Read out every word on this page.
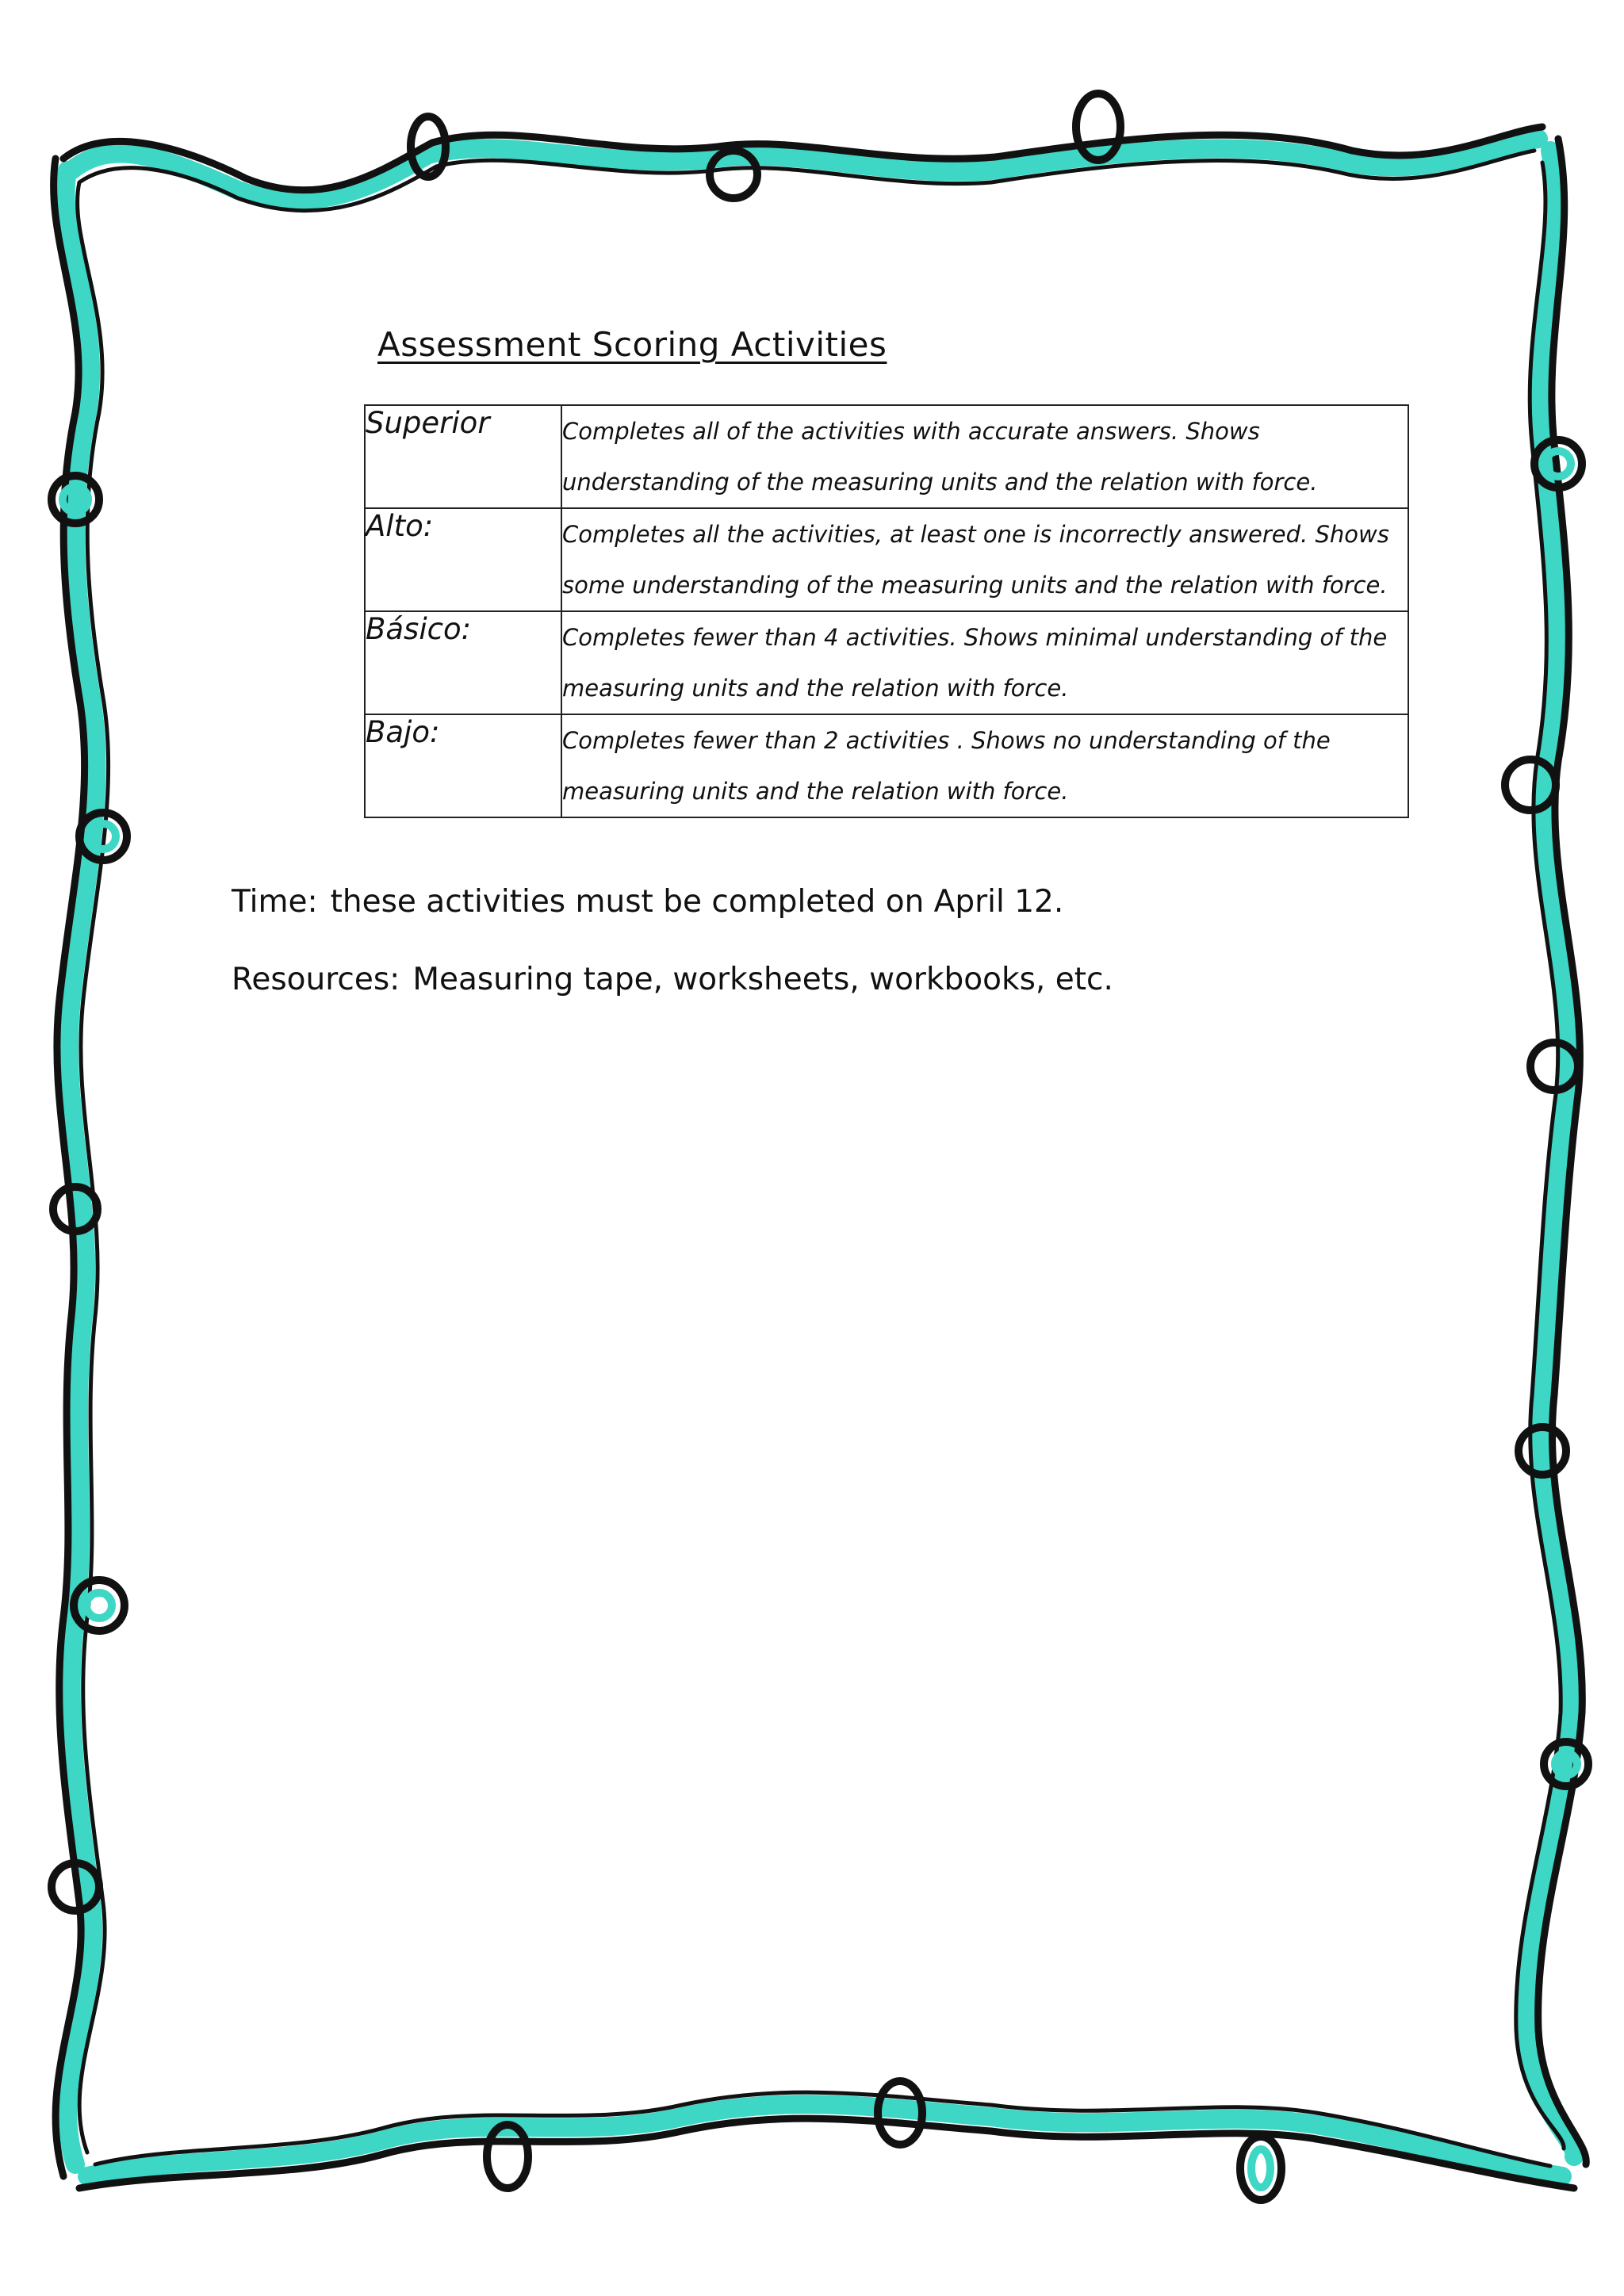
Assessment Scoring Activities
Superior	Completes all of the activities with accurate answers. Shows understanding of the measuring units and the relation with force.
Alto:	Completes all the activities, at least one is incorrectly answered. Shows some understanding of the measuring units and the relation with force.
Básico:	Completes fewer than 4 activities. Shows minimal understanding of the measuring units and the relation with force.
Bajo:	Completes fewer than 2 activities . Shows no understanding of the measuring units and the relation with force.
Time: these activities must be completed on April 12.
Resources: Measuring tape, worksheets, workbooks, etc.
